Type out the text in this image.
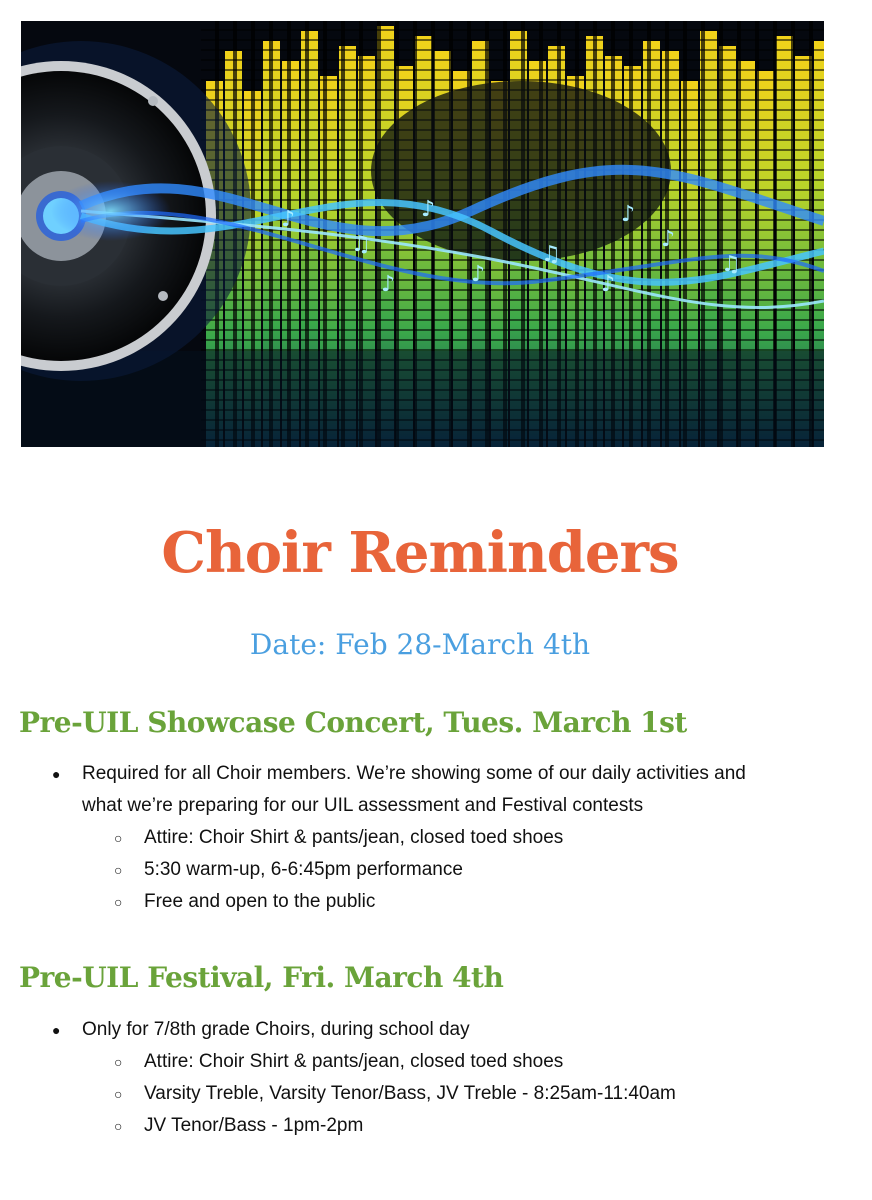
♪
♫
♪
♪
♫
♪
♪
♫
♪
♪
Choir Reminders
Date: Feb 28-March 4th
Pre-UIL Showcase Concert, Tues. March 1st
● Required for all Choir members. We’re showing some of our daily activities and
what we’re preparing for our UIL assessment and Festival contests
○ Attire: Choir Shirt & pants/jean, closed toed shoes
○ 5:30 warm-up, 6-6:45pm performance
○ Free and open to the public
Pre-UIL Festival, Fri. March 4th
● Only for 7/8th grade Choirs, during school day
○ Attire: Choir Shirt & pants/jean, closed toed shoes
○ Varsity Treble, Varsity Tenor/Bass, JV Treble - 8:25am-11:40am
○ JV Tenor/Bass - 1pm-2pm
